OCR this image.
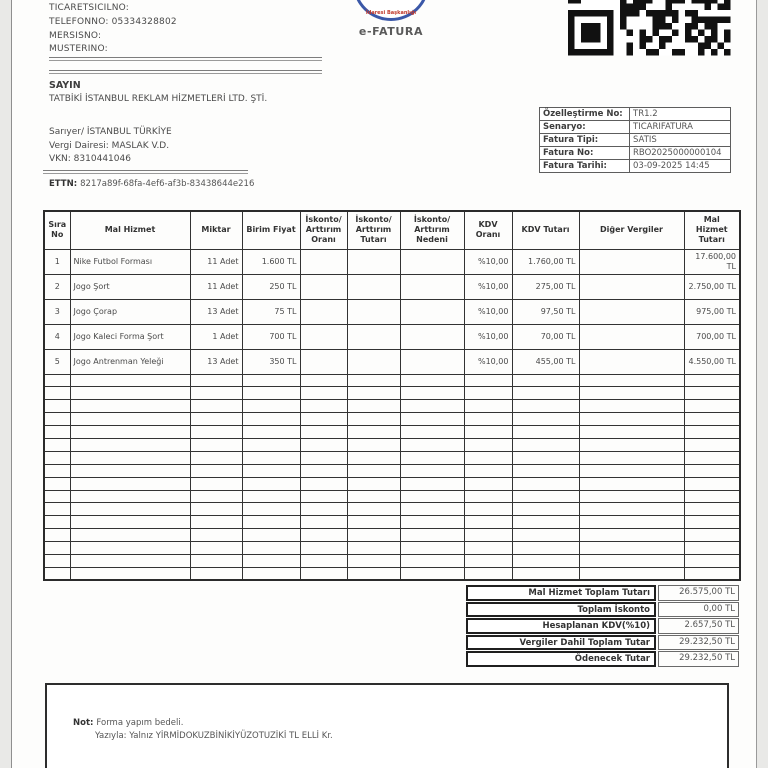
TICARETSICILNO:
TELEFONNO: 05334328802
MERSISNO:
MUSTERINO:
İdaresi Başkanlığı
e-FATURA
SAYIN
TATBİKİ İSTANBUL REKLAM HİZMETLERİ LTD. ŞTİ.
Sarıyer/ İSTANBUL TÜRKİYE
Vergi Dairesi: MASLAK V.D.
VKN: 8310441046
Özelleştirme No:	TR1.2
Senaryo:	TICARIFATURA
Fatura Tipi:	SATIS
Fatura No:	RBO2025000000104
Fatura Tarihi:	03-09-2025 14:45
ETTN: 8217a89f-68fa-4ef6-af3b-83438644e216
Sıra No	Mal Hizmet	Miktar	Birim Fiyat	İskonto/ Arttırım Oranı	İskonto/ Arttırım Tutarı	İskonto/ Arttırım Nedeni	KDV Oranı	KDV Tutarı	Diğer Vergiler	Mal Hizmet Tutarı
1	Nike Futbol Forması	11 Adet	1.600 TL				%10,00	1.760,00 TL		17.600,00 TL
2	Jogo Şort	11 Adet	250 TL				%10,00	275,00 TL		2.750,00 TL
3	Jogo Çorap	13 Adet	75 TL				%10,00	97,50 TL		975,00 TL
4	Jogo Kaleci Forma Şort	1 Adet	700 TL				%10,00	70,00 TL		700,00 TL
5	Jogo Antrenman Yeleği	13 Adet	350 TL				%10,00	455,00 TL		4.550,00 TL

Mal Hizmet Toplam Tutarı	26.575,00 TL
Toplam İskonto	0,00 TL
Hesaplanan KDV(%10)	2.657,50 TL
Vergiler Dahil Toplam Tutar	29.232,50 TL
Ödenecek Tutar	29.232,50 TL
Not: Forma yapım bedeli.
Yazıyla: Yalnız YİRMİDOKUZBİNİKİYÜZOTUZİKİ TL ELLİ Kr.
